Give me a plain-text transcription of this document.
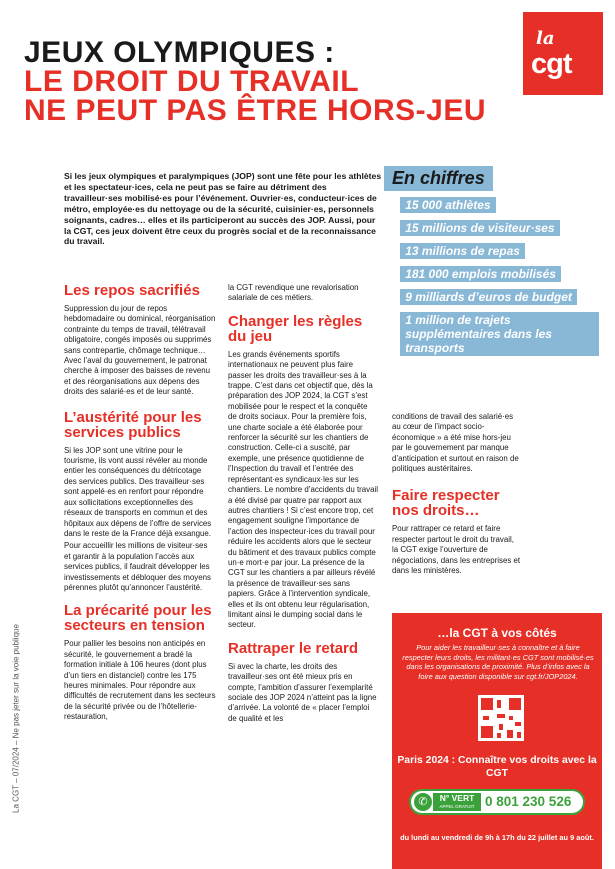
la
cgt
JEUX OLYMPIQUES :
LE DROIT DU TRAVAIL
NE PEUT PAS ÊTRE HORS-JEU
Si les jeux olympiques et paralympiques (JOP) sont une fête pour les athlètes et les spectateur·ices, cela ne peut pas se faire au détriment des travailleur·ses mobilisé·es pour l’événement. Ouvrier·es, conducteur·ices de métro, employée·es du nettoyage ou de la sécurité, cuisinier·es, personnels soignants, cadres… elles et ils participeront au succès des JOP. Aussi, pour la CGT, ces jeux doivent être ceux du progrès social et de la reconnaissance du travail.
La CGT – 07/2024 – Ne pas jeter sur la voie publique
Les repos sacrifiés

Suppression du jour de repos hebdomadaire ou dominical, réorganisation contrainte du temps de travail, télétravail obligatoire, congés imposés ou supprimés sans contrepartie, chômage technique… Avec l’aval du gouvernement, le patronat cherche à imposer des baisses de revenu et des réorganisations aux dépens des droits des salarié·es et de leur santé.

L’austérité pour les services publics

Si les JOP sont une vitrine pour le tourisme, ils vont aussi révéler au monde entier les conséquences du détricotage des services publics. Des travailleur·ses sont appelé·es en renfort pour répondre aux sollicitations exceptionnelles des réseaux de transports en commun et des hôpitaux aux dépens de l’offre de services dans le reste de la France déjà exsangue.

Pour accueillir les millions de visiteur·ses et garantir à la population l’accès aux services publics, il faudrait développer les investissements et débloquer des moyens pérennes plutôt qu’annoncer l’austérité.

La précarité pour les secteurs en tension

Pour pallier les besoins non anticipés en sécurité, le gouvernement a bradé la formation initiale à 106 heures (dont plus d’un tiers en distanciel) contre les 175 heures minimales. Pour répondre aux difficultés de recrutement dans les secteurs de la sécurité privée ou de l’hôtellerie-restauration,

la CGT revendique une revalorisation salariale de ces métiers.

Changer les règles du jeu

Les grands événements sportifs internationaux ne peuvent plus faire passer les droits des travailleur·ses à la trappe. C’est dans cet objectif que, dès la préparation des JOP 2024, la CGT s’est mobilisée pour le respect et la conquête de droits sociaux. Pour la première fois, une charte sociale a été élaborée pour renforcer la sécurité sur les chantiers de construction. Celle-ci a suscité, par exemple, une présence quotidienne de l’Inspection du travail et l’entrée des représentant·es syndicaux·les sur les chantiers. Le nombre d’accidents du travail a été divisé par quatre par rapport aux autres chantiers ! Si c’est encore trop, cet engagement souligne l’importance de l’action des inspecteur·ices du travail pour réduire les accidents alors que le secteur du bâtiment et des travaux publics compte un·e mort·e par jour. La présence de la CGT sur les chantiers a par ailleurs révélé la présence de travailleur·ses sans papiers. Grâce à l’intervention syndicale, elles et ils ont obtenu leur régularisation, limitant ainsi le dumping social dans le secteur.

Rattraper le retard

Si avec la charte, les droits des travailleur·ses ont été mieux pris en compte, l’ambition d’assurer l’exemplarité sociale des JOP 2024 n’atteint pas la ligne d’arrivée. La volonté de « placer l’emploi de qualité et les

En chiffres
• 15 000 athlètes
• 15 millions de visiteur·ses
• 13 millions de repas
• 181 000 emplois mobilisés
• 9 milliards d’euros de budget
• 1 million de trajets supplémentaires dans les transports

conditions de travail des salarié·es au cœur de l’impact socio-économique » a été mise hors-jeu par le gouvernement par manque d’anticipation et surtout en raison de politiques austéritaires.

Faire respecter nos droits…

Pour rattraper ce retard et faire respecter partout le droit du travail, la CGT exige l’ouverture de négociations, dans les entreprises et dans les ministères.

…la CGT à vos côtés
Pour aider les travailleur·ses à connaître et à faire respecter leurs droits, les militant·es CGT sont mobilisé·es dans les organisations de proximité. Plus d’infos avec la foire aux question disponible sur cgt.fr/JOP2024.
Paris 2024 : Connaître vos droits avec la CGT
✆	N° VERT
APPEL GRATUIT 0 801 230 526
du lundi au vendredi de 9h à 17h du 22 juillet au 9 août.
